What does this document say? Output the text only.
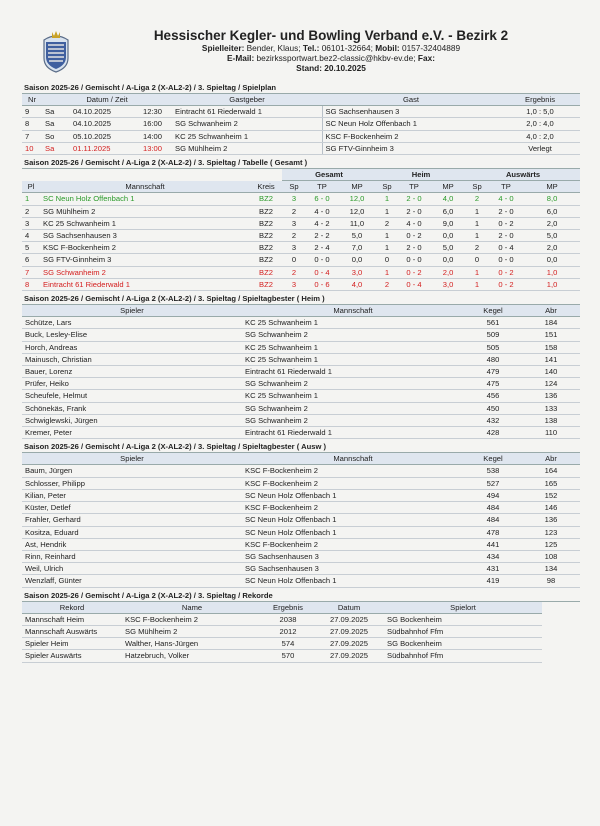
Hessischer Kegler- und Bowling Verband e.V. - Bezirk 2
Spielleiter: Bender, Klaus; Tel.: 06101-32664; Mobil: 0157-32404889
E-Mail: bezirkssportwart.bez2-classic@hkbv-ev.de; Fax:
Stand: 20.10.2025
Saison 2025-26 / Gemischt / A-Liga 2 (X-AL2-2) / 3. Spieltag / Spielplan
Nr	Datum / Zeit			Gastgeber	Gast	Ergebnis
9	Sa	04.10.2025	12:30	Eintracht 61 Riederwald 1	SG Sachsenhausen 3	1,0 : 5,0
8	Sa	04.10.2025	16:00	SG Schwanheim 2	SC Neun Holz Offenbach 1	2,0 : 4,0
7	So	05.10.2025	14:00	KC 25 Schwanheim 1	KSC F-Bockenheim 2	4,0 : 2,0
10	Sa	01.11.2025	13:00	SG Mühlheim 2	SG FTV-Ginnheim 3	Verlegt
Saison 2025-26 / Gemischt / A-Liga 2 (X-AL2-2) / 3. Spieltag / Tabelle ( Gesamt )
			Gesamt			Heim			Auswärts		
Pl	Mannschaft	Kreis	Sp	TP	MP	Sp	TP	MP	Sp	TP	MP
1	SC Neun Holz Offenbach 1	BZ2	3	6 - 0	12,0	1	2 - 0	4,0	2	4 - 0	8,0
2	SG Mühlheim 2	BZ2	2	4 - 0	12,0	1	2 - 0	6,0	1	2 - 0	6,0
3	KC 25 Schwanheim 1	BZ2	3	4 - 2	11,0	2	4 - 0	9,0	1	0 - 2	2,0
4	SG Sachsenhausen 3	BZ2	2	2 - 2	5,0	1	0 - 2	0,0	1	2 - 0	5,0
5	KSC F-Bockenheim 2	BZ2	3	2 - 4	7,0	1	2 - 0	5,0	2	0 - 4	2,0
6	SG FTV-Ginnheim 3	BZ2	0	0 - 0	0,0	0	0 - 0	0,0	0	0 - 0	0,0
7	SG Schwanheim 2	BZ2	2	0 - 4	3,0	1	0 - 2	2,0	1	0 - 2	1,0
8	Eintracht 61 Riederwald 1	BZ2	3	0 - 6	4,0	2	0 - 4	3,0	1	0 - 2	1,0
Saison 2025-26 / Gemischt / A-Liga 2 (X-AL2-2) / 3. Spieltag / Spieltagbester ( Heim )
Spieler	Mannschaft	Kegel	Abr
Schütze, Lars	KC 25 Schwanheim 1	561	184
Buck, Lesley-Elise	SG Schwanheim 2	509	151
Horch, Andreas	KC 25 Schwanheim 1	505	158
Mainusch, Christian	KC 25 Schwanheim 1	480	141
Bauer, Lorenz	Eintracht 61 Riederwald 1	479	140
Prüfer, Heiko	SG Schwanheim 2	475	124
Scheufele, Helmut	KC 25 Schwanheim 1	456	136
Schönekäs, Frank	SG Schwanheim 2	450	133
Schwiglewski, Jürgen	SG Schwanheim 2	432	138
Kremer, Peter	Eintracht 61 Riederwald 1	428	110
Saison 2025-26 / Gemischt / A-Liga 2 (X-AL2-2) / 3. Spieltag / Spieltagbester ( Ausw )
Spieler	Mannschaft	Kegel	Abr
Baum, Jürgen	KSC F-Bockenheim 2	538	164
Schlosser, Philipp	KSC F-Bockenheim 2	527	165
Kilian, Peter	SC Neun Holz Offenbach 1	494	152
Küster, Detlef	KSC F-Bockenheim 2	484	146
Frahler, Gerhard	SC Neun Holz Offenbach 1	484	136
Kositza, Eduard	SC Neun Holz Offenbach 1	478	123
Ast, Hendrik	KSC F-Bockenheim 2	441	125
Rinn, Reinhard	SG Sachsenhausen 3	434	108
Weil, Ulrich	SG Sachsenhausen 3	431	134
Wenzlaff, Günter	SC Neun Holz Offenbach 1	419	98
Saison 2025-26 / Gemischt / A-Liga 2 (X-AL2-2) / 3. Spieltag / Rekorde
Rekord	Name	Ergebnis	Datum	Spielort
Mannschaft Heim	KSC F-Bockenheim 2	2038	27.09.2025	SG Bockenheim
Mannschaft Auswärts	SG Mühlheim 2	2012	27.09.2025	Südbahnhof Ffm
Spieler Heim	Walther, Hans-Jürgen	574	27.09.2025	SG Bockenheim
Spieler Auswärts	Hatzebruch, Volker	570	27.09.2025	Südbahnhof Ffm
